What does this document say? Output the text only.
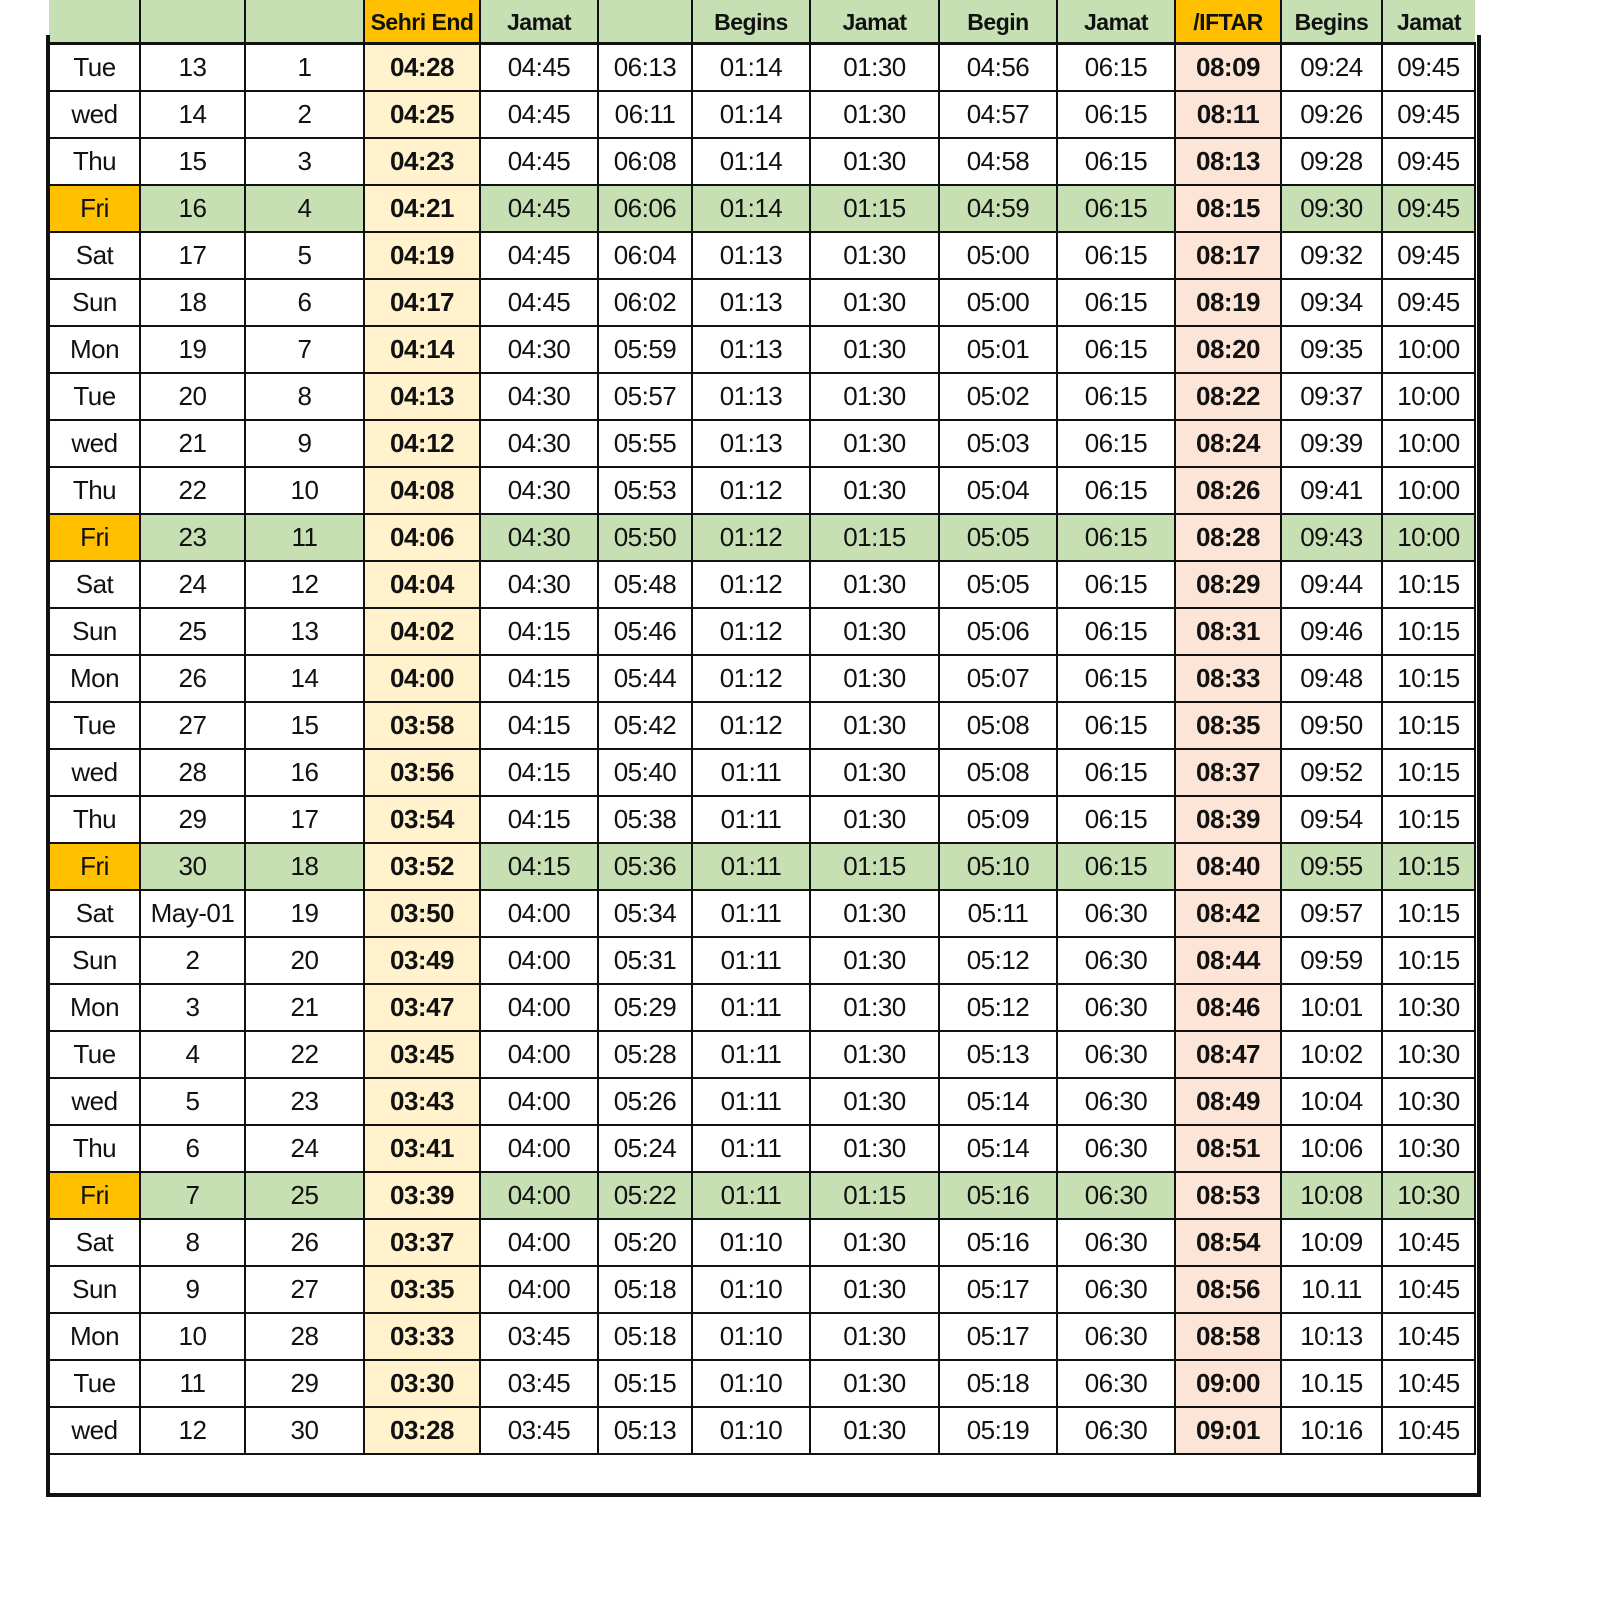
			Sehri End	Jamat		Begins	Jamat	Begin	Jamat	/IFTAR	Begins	Jamat
Tue	13	1	04:28	04:45	06:13	01:14	01:30	04:56	06:15	08:09	09:24	09:45
wed	14	2	04:25	04:45	06:11	01:14	01:30	04:57	06:15	08:11	09:26	09:45
Thu	15	3	04:23	04:45	06:08	01:14	01:30	04:58	06:15	08:13	09:28	09:45
Fri	16	4	04:21	04:45	06:06	01:14	01:15	04:59	06:15	08:15	09:30	09:45
Sat	17	5	04:19	04:45	06:04	01:13	01:30	05:00	06:15	08:17	09:32	09:45
Sun	18	6	04:17	04:45	06:02	01:13	01:30	05:00	06:15	08:19	09:34	09:45
Mon	19	7	04:14	04:30	05:59	01:13	01:30	05:01	06:15	08:20	09:35	10:00
Tue	20	8	04:13	04:30	05:57	01:13	01:30	05:02	06:15	08:22	09:37	10:00
wed	21	9	04:12	04:30	05:55	01:13	01:30	05:03	06:15	08:24	09:39	10:00
Thu	22	10	04:08	04:30	05:53	01:12	01:30	05:04	06:15	08:26	09:41	10:00
Fri	23	11	04:06	04:30	05:50	01:12	01:15	05:05	06:15	08:28	09:43	10:00
Sat	24	12	04:04	04:30	05:48	01:12	01:30	05:05	06:15	08:29	09:44	10:15
Sun	25	13	04:02	04:15	05:46	01:12	01:30	05:06	06:15	08:31	09:46	10:15
Mon	26	14	04:00	04:15	05:44	01:12	01:30	05:07	06:15	08:33	09:48	10:15
Tue	27	15	03:58	04:15	05:42	01:12	01:30	05:08	06:15	08:35	09:50	10:15
wed	28	16	03:56	04:15	05:40	01:11	01:30	05:08	06:15	08:37	09:52	10:15
Thu	29	17	03:54	04:15	05:38	01:11	01:30	05:09	06:15	08:39	09:54	10:15
Fri	30	18	03:52	04:15	05:36	01:11	01:15	05:10	06:15	08:40	09:55	10:15
Sat	May-01	19	03:50	04:00	05:34	01:11	01:30	05:11	06:30	08:42	09:57	10:15
Sun	2	20	03:49	04:00	05:31	01:11	01:30	05:12	06:30	08:44	09:59	10:15
Mon	3	21	03:47	04:00	05:29	01:11	01:30	05:12	06:30	08:46	10:01	10:30
Tue	4	22	03:45	04:00	05:28	01:11	01:30	05:13	06:30	08:47	10:02	10:30
wed	5	23	03:43	04:00	05:26	01:11	01:30	05:14	06:30	08:49	10:04	10:30
Thu	6	24	03:41	04:00	05:24	01:11	01:30	05:14	06:30	08:51	10:06	10:30
Fri	7	25	03:39	04:00	05:22	01:11	01:15	05:16	06:30	08:53	10:08	10:30
Sat	8	26	03:37	04:00	05:20	01:10	01:30	05:16	06:30	08:54	10:09	10:45
Sun	9	27	03:35	04:00	05:18	01:10	01:30	05:17	06:30	08:56	10.11	10:45
Mon	10	28	03:33	03:45	05:18	01:10	01:30	05:17	06:30	08:58	10:13	10:45
Tue	11	29	03:30	03:45	05:15	01:10	01:30	05:18	06:30	09:00	10.15	10:45
wed	12	30	03:28	03:45	05:13	01:10	01:30	05:19	06:30	09:01	10:16	10:45
